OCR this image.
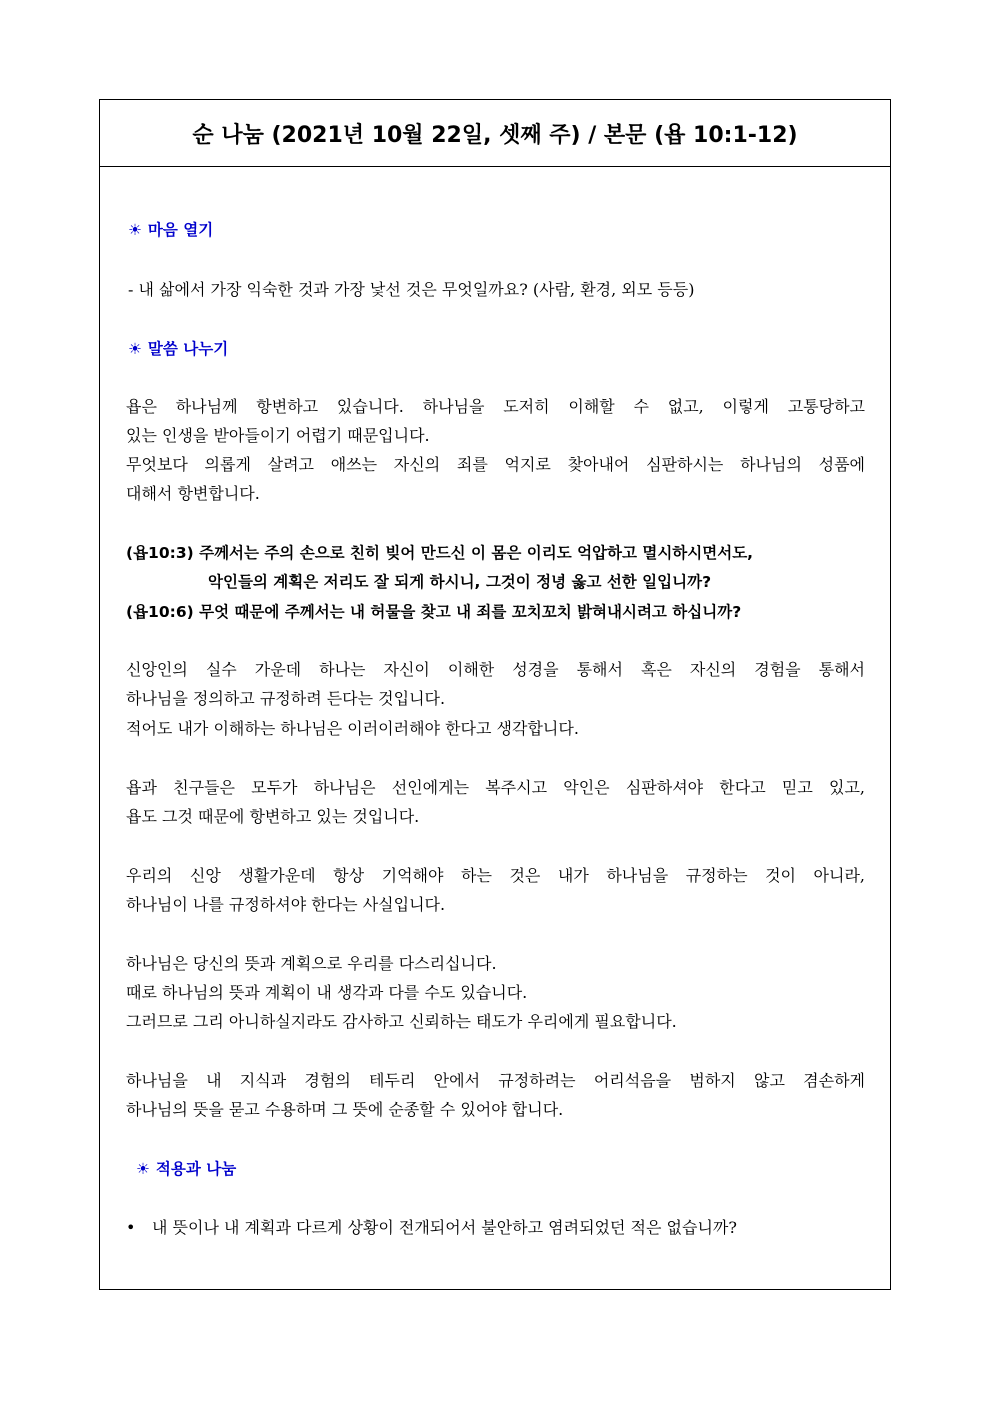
순 나눔 (2021년 10월 22일, 셋째 주) / 본문 (욥 10:1-12)
☀ 마음 열기
- 내 삶에서 가장 익숙한 것과 가장 낯선 것은 무엇일까요? (사람, 환경, 외모 등등)
☀ 말씀 나누기
욥은 하나님께 항변하고 있습니다. 하나님을 도저히 이해할 수 없고, 이렇게 고통당하고
있는 인생을 받아들이기 어렵기 때문입니다.
무엇보다 의롭게 살려고 애쓰는 자신의 죄를 억지로 찾아내어 심판하시는 하나님의 성품에
대해서 항변합니다.
(욥10:3) 주께서는 주의 손으로 친히 빚어 만드신 이 몸은 이리도 억압하고 멸시하시면서도,
악인들의 계획은 저리도 잘 되게 하시니, 그것이 정녕 옳고 선한 일입니까?
(욥10:6) 무엇 때문에 주께서는 내 허물을 찾고 내 죄를 꼬치꼬치 밝혀내시려고 하십니까?
신앙인의 실수 가운데 하나는 자신이 이해한 성경을 통해서 혹은 자신의 경험을 통해서
하나님을 정의하고 규정하려 든다는 것입니다.
적어도 내가 이해하는 하나님은 이러이러해야 한다고 생각합니다.
욥과 친구들은 모두가 하나님은 선인에게는 복주시고 악인은 심판하셔야 한다고 믿고 있고,
욥도 그것 때문에 항변하고 있는 것입니다.
우리의 신앙 생활가운데 항상 기억해야 하는 것은 내가 하나님을 규정하는 것이 아니라,
하나님이 나를 규정하셔야 한다는 사실입니다.
하나님은 당신의 뜻과 계획으로 우리를 다스리십니다.
때로 하나님의 뜻과 계획이 내 생각과 다를 수도 있습니다.
그러므로 그리 아니하실지라도 감사하고 신뢰하는 태도가 우리에게 필요합니다.
하나님을 내 지식과 경험의 테두리 안에서 규정하려는 어리석음을 범하지 않고 겸손하게
하나님의 뜻을 묻고 수용하며 그 뜻에 순종할 수 있어야 합니다.
☀ 적용과 나눔
• 내 뜻이나 내 계획과 다르게 상황이 전개되어서 불안하고 염려되었던 적은 없습니까?
